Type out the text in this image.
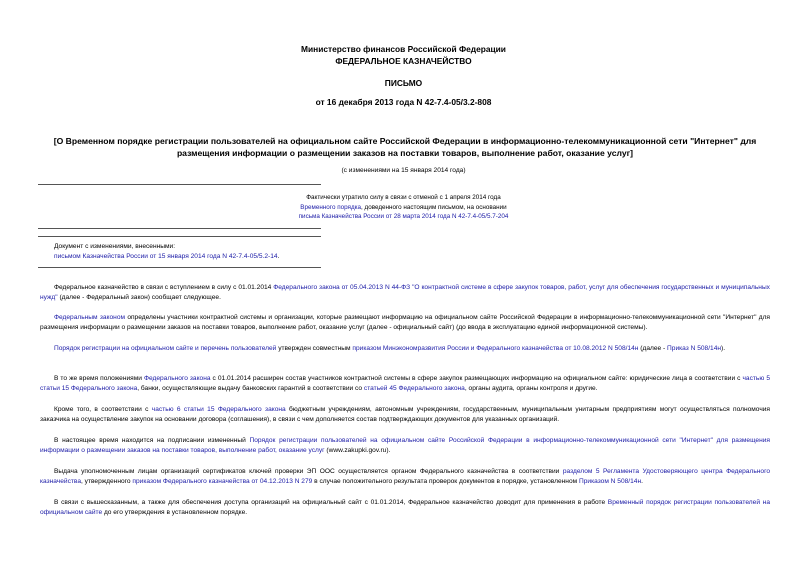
Министерство финансов Российской Федерации
ФЕДЕРАЛЬНОЕ КАЗНАЧЕЙСТВО
ПИСЬМО
от 16 декабря 2013 года N 42-7.4-05/3.2-808
[О Временном порядке регистрации пользователей на официальном сайте Российской Федерации в информационно-телекоммуникационной сети "Интернет" для
размещения информации о размещении заказов на поставки товаров, выполнение работ, оказание услуг]
(с изменениями на 15 января 2014 года)
Фактически утратило силу в связи с отменой с 1 апреля 2014 года
Временного порядка, доведенного настоящим письмом, на основании
письма Казначейства России от 28 марта 2014 года N 42-7.4-05/5.7-204
Документ с изменениями, внесенными:
письмом Казначейства России от 15 января 2014 года N 42-7.4-05/5.2-14.
Федеральное казначейство в связи с вступлением в силу с 01.01.2014 Федерального закона от 05.04.2013 N 44-ФЗ "О контрактной системе в сфере закупок товаров, работ, услуг для обеспечения государственных и муниципальных нужд" (далее - Федеральный закон) сообщает следующее.
Федеральным законом определены участники контрактной системы и организации, которые размещают информацию на официальном сайте Российской Федерации в информационно-телекоммуникационной сети "Интернет" для размещения информации о размещении заказов на поставки товаров, выполнение работ, оказание услуг (далее - официальный сайт) (до ввода в эксплуатацию единой информационной системы).
Порядок регистрации на официальном сайте и перечень пользователей утвержден совместным приказом Минэкономразвития России и Федерального казначейства от 10.08.2012 N 508/14н (далее - Приказ N 508/14н).
В то же время положениями Федерального закона с 01.01.2014 расширен состав участников контрактной системы в сфере закупок размещающих информацию на официальном сайте: юридические лица в соответствии с частью 5 статьи 15 Федерального закона, банки, осуществляющие выдачу банковских гарантий в соответствии со статьей 45 Федерального закона, органы аудита, органы контроля и другие.
Кроме того, в соответствии с частью 6 статьи 15 Федерального закона бюджетным учреждениям, автономным учреждениям, государственным, муниципальным унитарным предприятиям могут осуществляться полномочия заказчика на осуществление закупок на основании договора (соглашения), в связи с чем дополняется состав подтверждающих документов для указанных организаций.
В настоящее время находится на подписании измененный Порядок регистрации пользователей на официальном сайте Российской Федерации в информационно-телекоммуникационной сети "Интернет" для размещения информации о размещении заказов на поставки товаров, выполнение работ, оказание услуг (www.zakupki.gov.ru).
Выдача уполномоченным лицам организаций сертификатов ключей проверки ЭП ООС осуществляется органом Федерального казначейства в соответствии разделом 5 Регламента Удостоверяющего центра Федерального казначейства, утвержденного приказом Федерального казначейства от 04.12.2013 N 279 в случае положительного результата проверок документов в порядке, установленном Приказом N 508/14н.
В связи с вышесказанным, а также для обеспечения доступа организаций на официальный сайт с 01.01.2014, Федеральное казначейство доводит для применения в работе Временный порядок регистрации пользователей на официальном сайте до его утверждения в установленном порядке.
